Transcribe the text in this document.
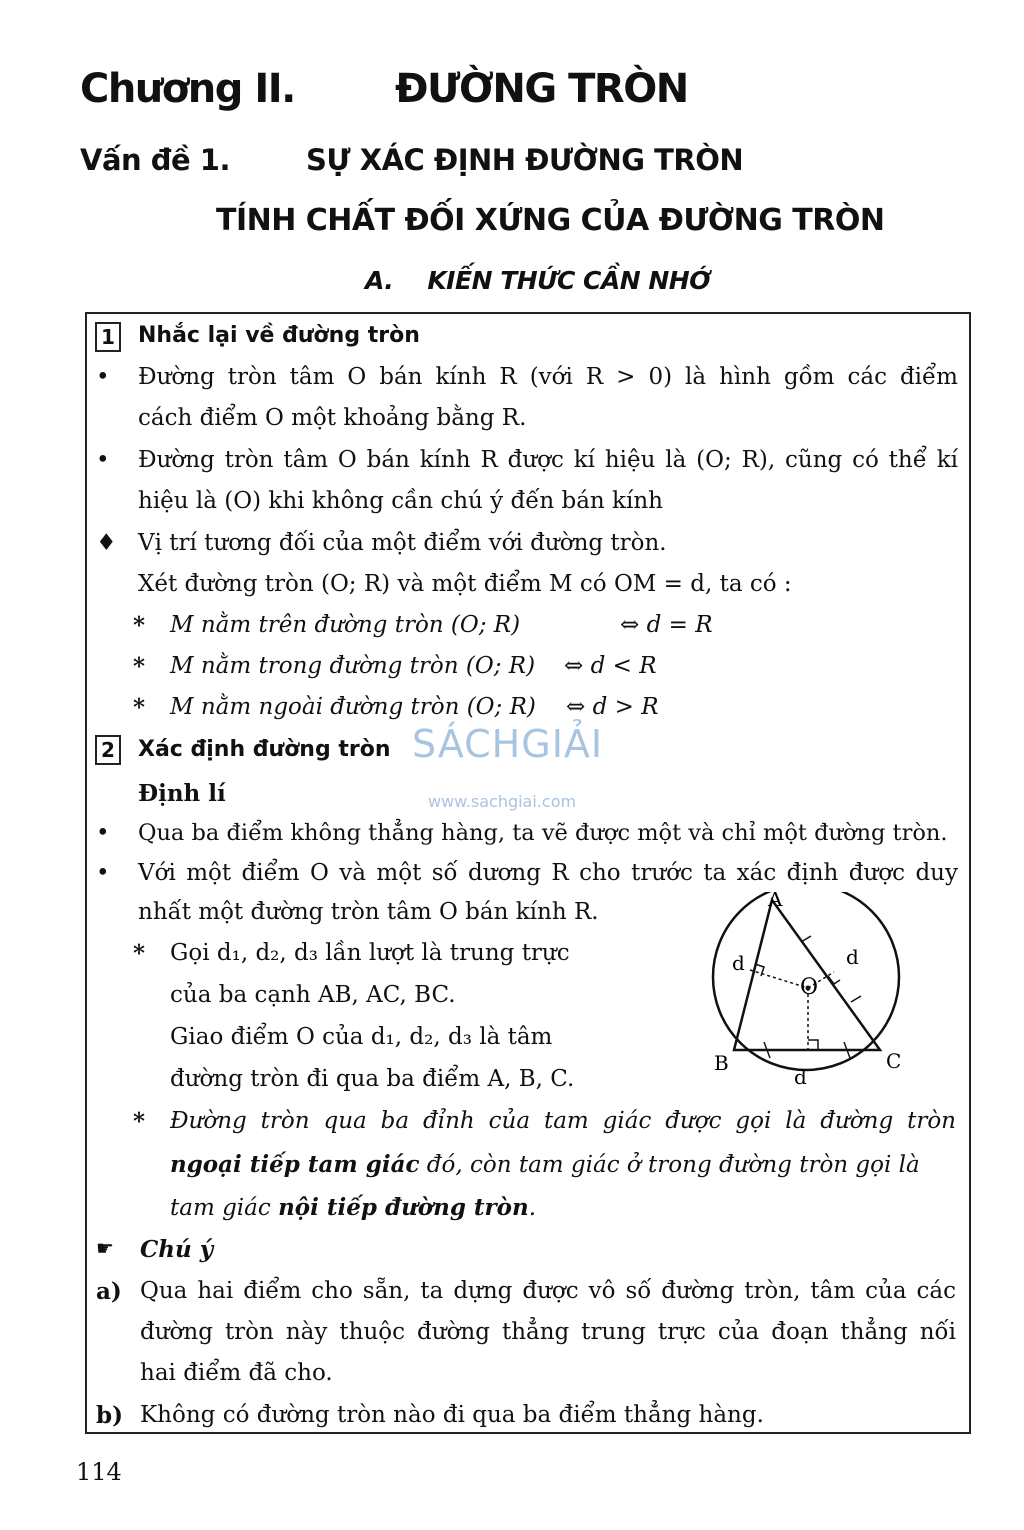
Chương II.	ĐƯỜNG TRÒN
Vấn đề 1.	SỰ XÁC ĐỊNH ĐƯỜNG TRÒN
TÍNH CHẤT ĐỐI XỨNG CỦA ĐƯỜNG TRÒN
A. KIẾN THỨC CẦN NHỚ
1 Nhắc lại về đường tròn
• Đường tròn tâm O bán kính R (với R > 0) là hình gồm các điểm
cách điểm O một khoảng bằng R.
• Đường tròn tâm O bán kính R được kí hiệu là (O; R), cũng có thể kí
hiệu là (O) khi không cần chú ý đến bán kính
♦ Vị trí tương đối của một điểm với đường tròn.
Xét đường tròn (O; R) và một điểm M có OM = d, ta có :
* M nằm trên đường tròn (O; R)	⇔ d = R
* M nằm trong đường tròn (O; R) ⇔ d < R
* M nằm ngoài đường tròn (O; R) ⇔ d > R
2 Xác định đường tròn SÁCHGIẢI
www.sachgiai.com
Định lí
• Qua ba điểm không thẳng hàng, ta vẽ được một và chỉ một đường tròn.
• Với một điểm O và một số dương R cho trước ta xác định được duy
nhất một đường tròn tâm O bán kính R.
* Gọi d₁, d₂, d₃ lần lượt là trung trực
của ba cạnh AB, AC, BC.
Giao điểm O của d₁, d₂, d₃ là tâm
đường tròn đi qua ba điểm A, B, C.
A
B	C
O
d	d
d
* Đường tròn qua ba đỉnh của tam giác được gọi là đường tròn
ngoại tiếp tam giác đó, còn tam giác ở trong đường tròn gọi là
tam giác nội tiếp đường tròn.
☛ Chú ý
a) Qua hai điểm cho sẵn, ta dựng được vô số đường tròn, tâm của các
đường tròn này thuộc đường thẳng trung trực của đoạn thẳng nối
hai điểm đã cho.
b) Không có đường tròn nào đi qua ba điểm thẳng hàng.
114
